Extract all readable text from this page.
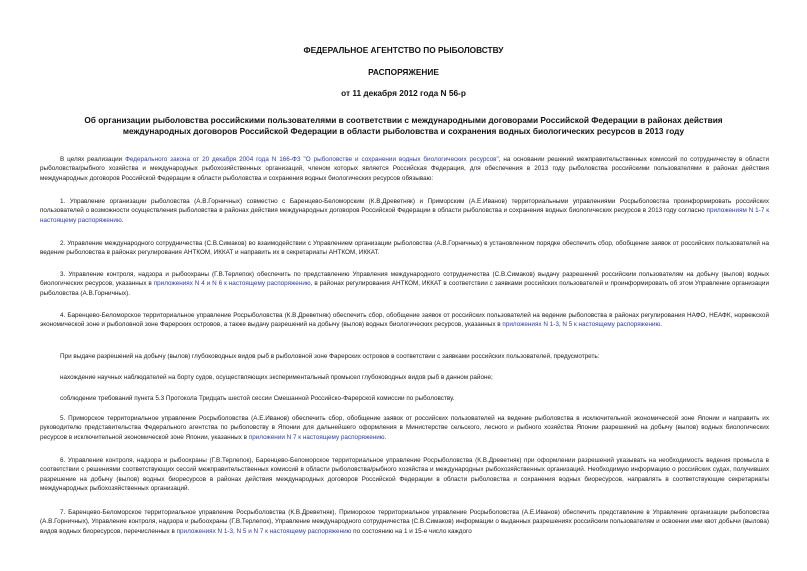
ФЕДЕРАЛЬНОЕ АГЕНТСТВО ПО РЫБОЛОВСТВУ
РАСПОРЯЖЕНИЕ
от 11 декабря 2012 года N 56-р
Об организации рыболовства российскими пользователями в соответствии с международными договорами Российской Федерации в районах действия
международных договоров Российской Федерации в области рыболовства и сохранения водных биологических ресурсов в 2013 году
В целях реализации Федерального закона от 20 декабря 2004 года N 166-ФЗ "О рыболовстве и сохранении водных биологических ресурсов", на основании решений межправительственных комиссий по сотрудничеству в области рыболовства/рыбного хозяйства и международных рыбохозяйственных организаций, членом которых является Российская Федерация, для обеспечения в 2013 году рыболовства российскими пользователями в районах действия международных договоров Российской Федерации в области рыболовства и сохранения водных биологических ресурсов обязываю:
1. Управление организации рыболовства (А.В.Горничных) совместно с Баренцево-Беломорским (К.В.Древетняк) и Приморским (А.Е.Иванов) территориальными управлениями Росрыболовства проинформировать российских пользователей о возможности осуществления рыболовства в районах действия международных договоров Российской Федерации в области рыболовства и сохранения водных биологических ресурсов в 2013 году согласно приложениям N 1-7 к настоящему распоряжению.
2. Управление международного сотрудничества (С.В.Симаков) во взаимодействии с Управлением организации рыболовства (А.В.Горничных) в установленном порядке обеспечить сбор, обобщение заявок от российских пользователей на ведение рыболовства в районах регулирования АНТКОМ, ИККАТ и направить их в секретариаты АНТКОМ, ИККАТ.
3. Управление контроля, надзора и рыбоохраны (Г.В.Терлепок) обеспечить по представлению Управления международного сотрудничества (С.В.Симаков) выдачу разрешений российским пользователям на добычу (вылов) водных биологических ресурсов, указанных в приложениях N 4 и N 6 к настоящему распоряжению, в районах регулирования АНТКОМ, ИККАТ в соответствии с заявками российских пользователей и проинформировать об этом Управление организации рыболовства (А.В.Горничных).
4. Баренцево-Беломорское территориальное управление Росрыболовства (К.В.Древетняк) обеспечить сбор, обобщение заявок от российских пользователей на ведение рыболовства в районах регулирования НАФО, НЕАФК, норвежской экономической зоне и рыболовной зоне Фарерских островов, а также выдачу разрешений на добычу (вылов) водных биологических ресурсов, указанных в приложениях N 1-3, N 5 к настоящему распоряжению.
При выдаче разрешений на добычу (вылов) глубоководных видов рыб в рыболовной зоне Фарерских островов в соответствии с заявками российских пользователей, предусмотреть:
нахождение научных наблюдателей на борту судов, осуществляющих экспериментальный промысел глубоководных видов рыб в данном районе;
соблюдение требований пункта 5.3 Протокола Тридцать шестой сессии Смешанной Российско-Фарерской комиссии по рыболовству.
5. Приморское территориальное управление Росрыболовства (А.Е.Иванов) обеспечить сбор, обобщение заявок от российских пользователей на ведение рыболовства в исключительной экономической зоне Японии и направить их руководителю представительства Федерального агентства по рыболовству в Японии для дальнейшего оформления в Министерстве сельского, лесного и рыбного хозяйства Японии разрешений на добычу (вылов) водных биологических ресурсов в исключительной экономической зоне Японии, указанных в приложении N 7 к настоящему распоряжению.
6. Управление контроля, надзора и рыбоохраны (Г.В.Терлепок), Баренцево-Беломорское территориальное управление Росрыболовства (К.В.Древетняк) при оформлении разрешений указывать на необходимость ведения промысла в соответствии с решениями соответствующих сессий межправительственных комиссий в области рыболовства/рыбного хозяйства и международных рыбохозяйственных организаций. Необходимую информацию о российских судах, получивших разрешение на добычу (вылов) водных биоресурсов в районах действия международных договоров Российской Федерации в области рыболовства и сохранения водных биоресурсов, направлять в соответствующие секретариаты международных рыбохозяйственных организаций.
7. Баренцево-Беломорское территориальное управление Росрыболовства (К.В.Древетняк), Приморское территориальное управление Росрыболовства (А.Е.Иванов) обеспечить представление в Управление организации рыболовства (А.В.Горничных), Управление контроля, надзора и рыбоохраны (Г.В.Терлепок), Управление международного сотрудничества (С.В.Симаков) информации о выданных разрешениях российским пользователям и освоении ими квот добычи (вылова) видов водных биоресурсов, перечисленных в приложениях N 1-3, N 5 и N 7 к настоящему распоряжению по состоянию на 1 и 15-е число каждого
